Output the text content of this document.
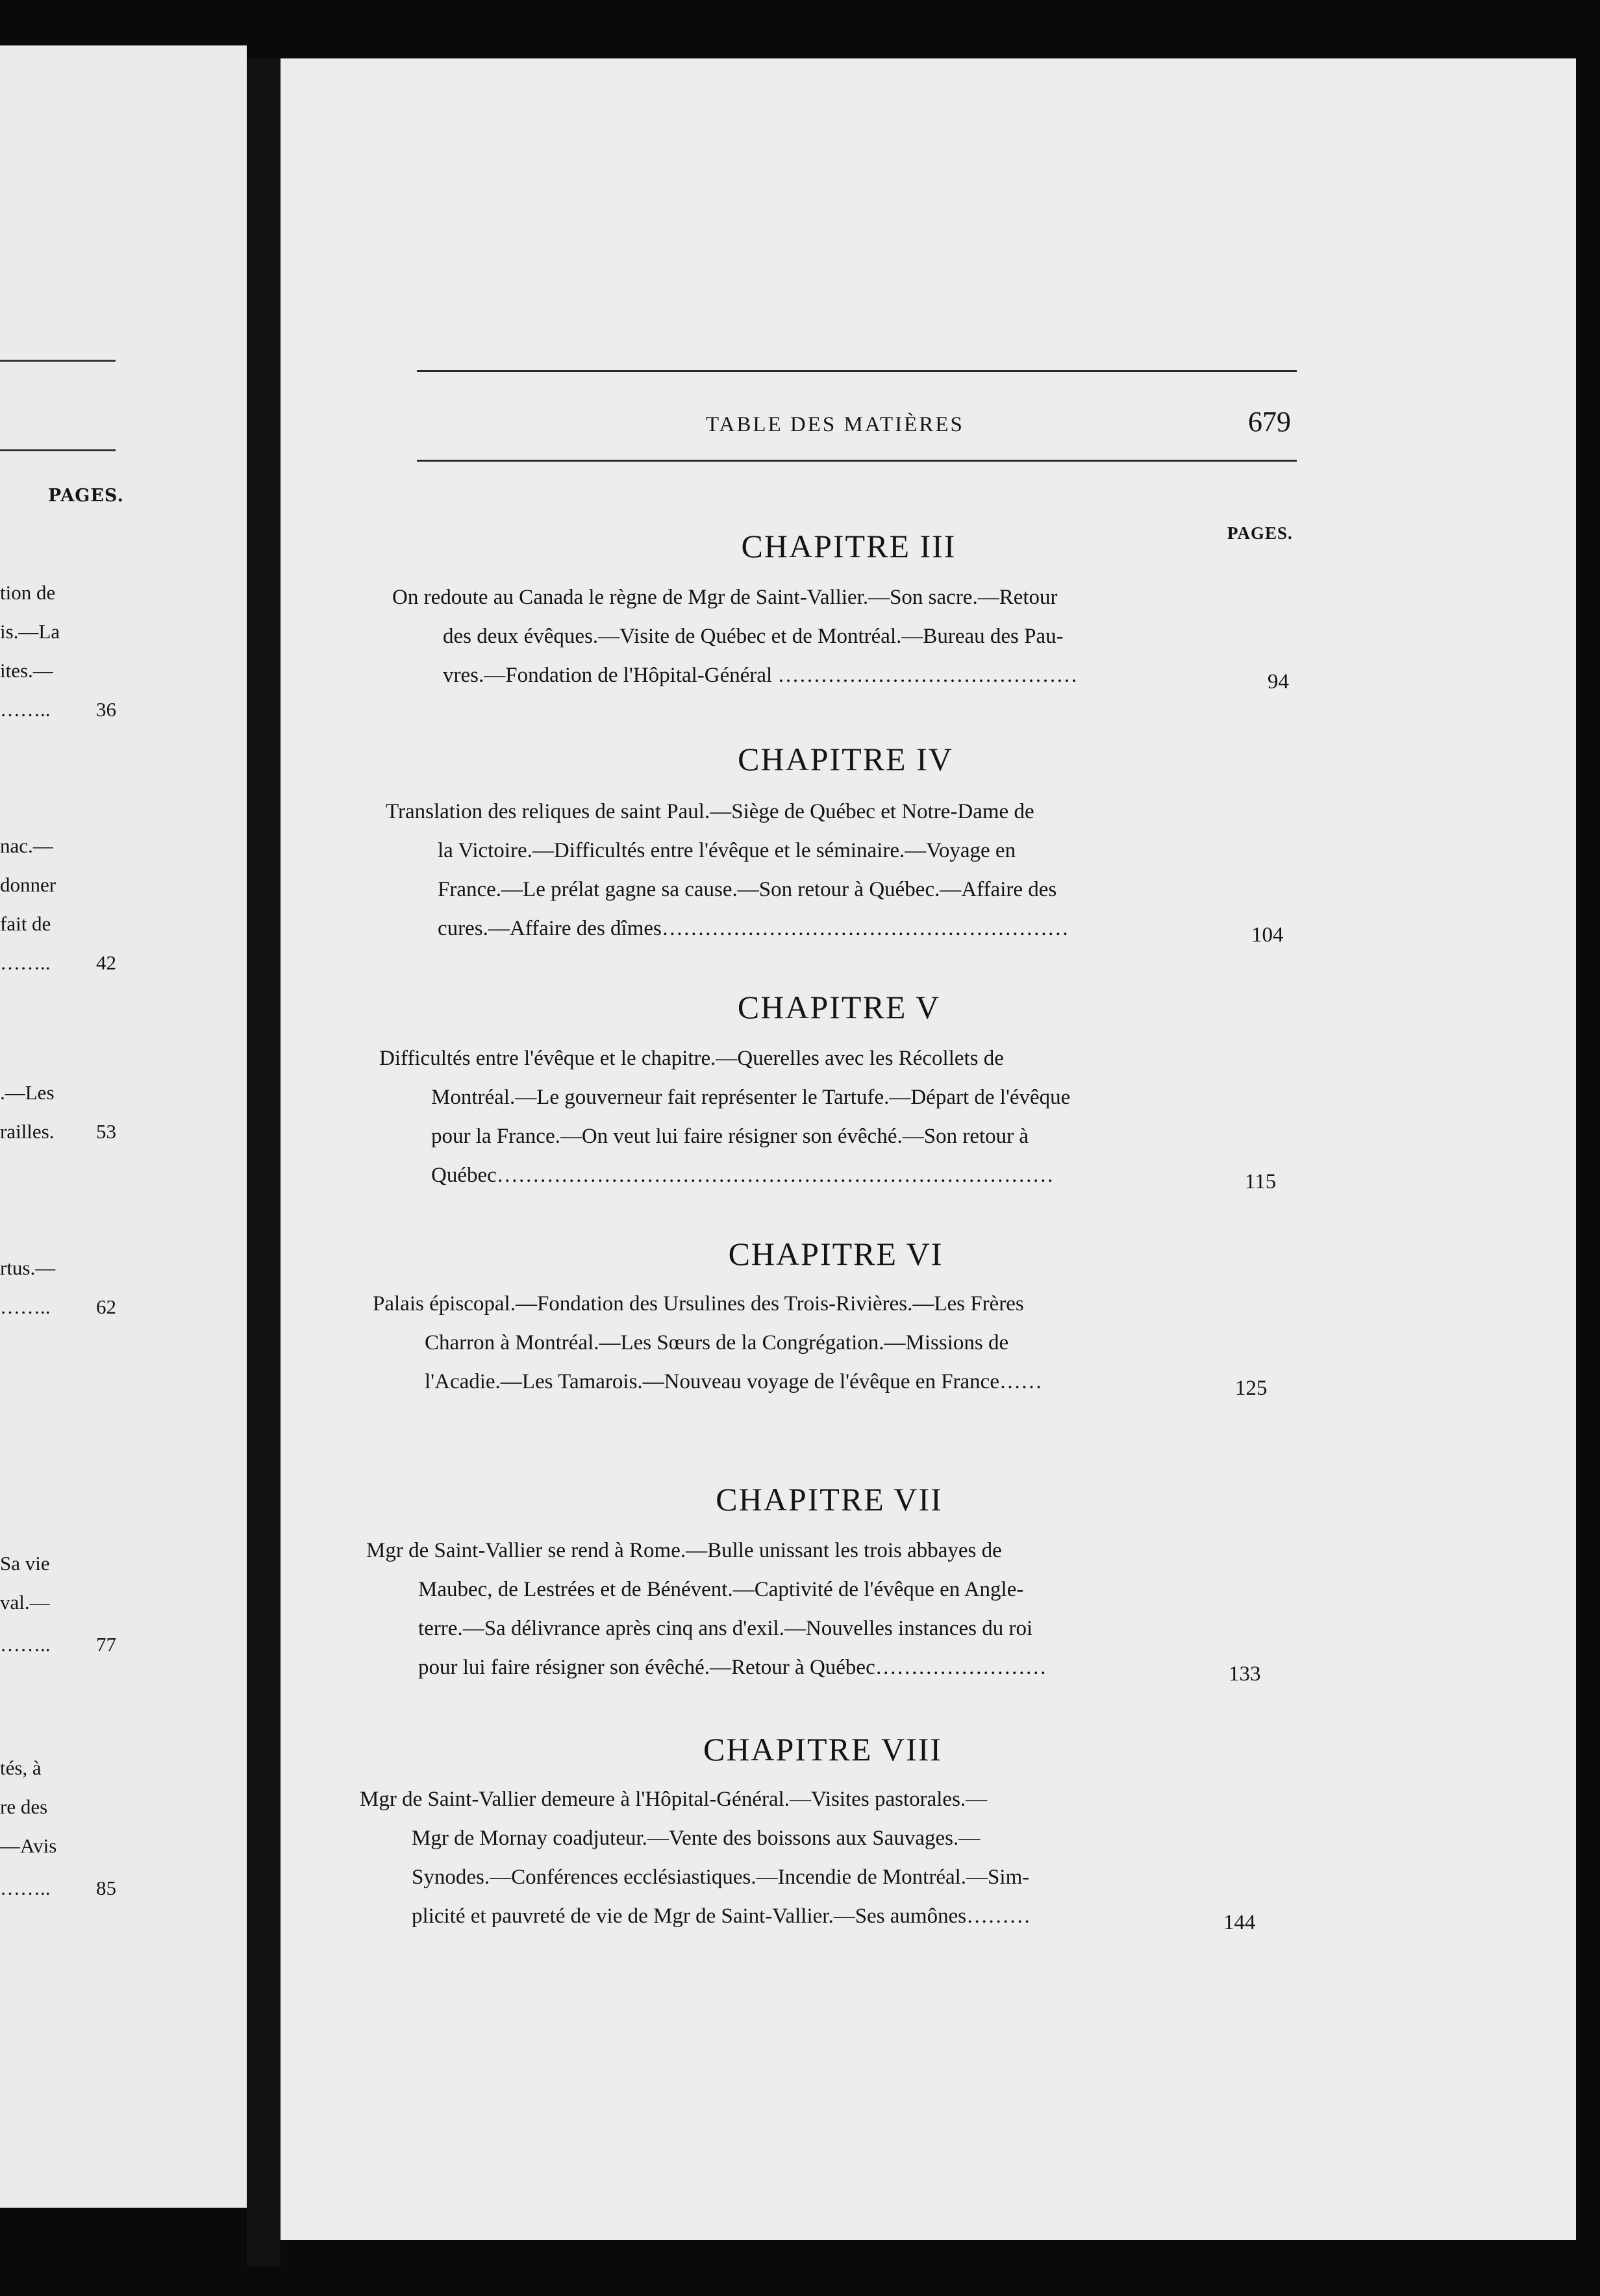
PAGES.
tion de
is.—La
ites.—
…….. 36
nac.—
donner
fait de
…….. 42
.—Les
railles. 53
rtus.—
…….. 62
Sa vie
val.—
…….. 77
tés, à
re des
—Avis
…….. 85
TABLE DES MATIÈRES	679
PAGES.
CHAPITRE III
On redoute au Canada le règne de Mgr de Saint-Vallier.—Son sacre.—Retour
des deux évêques.—Visite de Québec et de Montréal.—Bureau des Pau-
vres.—Fondation de l'Hôpital-Général ……………………………………	94
CHAPITRE IV
Translation des reliques de saint Paul.—Siège de Québec et Notre-Dame de
la Victoire.—Difficultés entre l'évêque et le séminaire.—Voyage en
France.—Le prélat gagne sa cause.—Son retour à Québec.—Affaire des
cures.—Affaire des dîmes…………………………………………………	104
CHAPITRE V
Difficultés entre l'évêque et le chapitre.—Querelles avec les Récollets de
Montréal.—Le gouverneur fait représenter le Tartufe.—Départ de l'évêque
pour la France.—On veut lui faire résigner son évêché.—Son retour à
Québec……………………………………………………………………	115
CHAPITRE VI
Palais épiscopal.—Fondation des Ursulines des Trois-Rivières.—Les Frères
Charron à Montréal.—Les Sœurs de la Congrégation.—Missions de
l'Acadie.—Les Tamarois.—Nouveau voyage de l'évêque en France……	125
CHAPITRE VII
Mgr de Saint-Vallier se rend à Rome.—Bulle unissant les trois abbayes de
Maubec, de Lestrées et de Bénévent.—Captivité de l'évêque en Angle-
terre.—Sa délivrance après cinq ans d'exil.—Nouvelles instances du roi
pour lui faire résigner son évêché.—Retour à Québec……………………	133
CHAPITRE VIII
Mgr de Saint-Vallier demeure à l'Hôpital-Général.—Visites pastorales.—
Mgr de Mornay coadjuteur.—Vente des boissons aux Sauvages.—
Synodes.—Conférences ecclésiastiques.—Incendie de Montréal.—Sim-
plicité et pauvreté de vie de Mgr de Saint-Vallier.—Ses aumônes………	144
